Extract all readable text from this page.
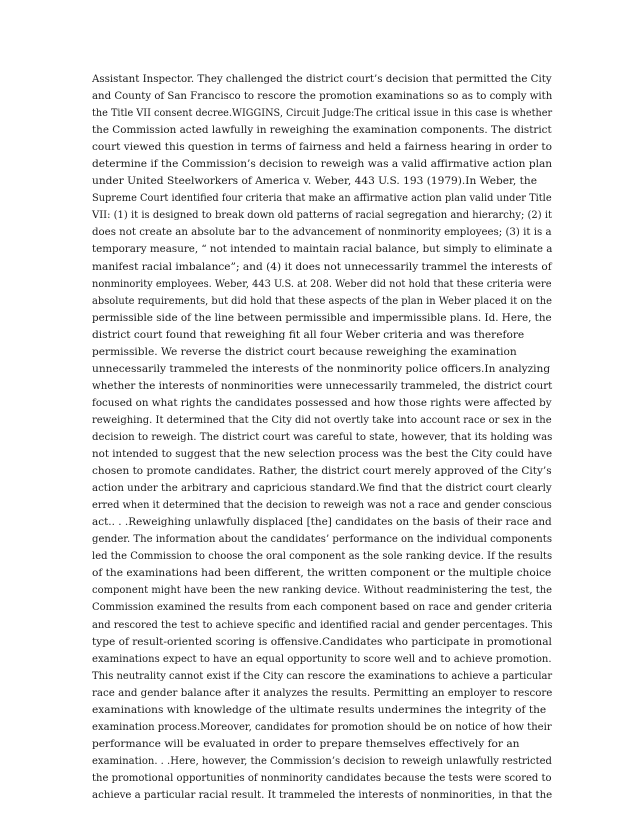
Assistant Inspector. They challenged the district court’s decision that permitted the City
and County of San Francisco to rescore the promotion examinations so as to comply with
the Title VII consent decree.WIGGINS, Circuit Judge:The critical issue in this case is whether
the Commission acted lawfully in reweighing the examination components. The district
court viewed this question in terms of fairness and held a fairness hearing in order to
determine if the Commission’s decision to reweigh was a valid affirmative action plan
under United Steelworkers of America v. Weber, 443 U.S. 193 (1979).In Weber, the
Supreme Court identified four criteria that make an affirmative action plan valid under Title
VII: (1) it is designed to break down old patterns of racial segregation and hierarchy; (2) it
does not create an absolute bar to the advancement of nonminority employees; (3) it is a
temporary measure, “ not intended to maintain racial balance, but simply to eliminate a
manifest racial imbalance”; and (4) it does not unnecessarily trammel the interests of
nonminority employees. Weber, 443 U.S. at 208. Weber did not hold that these criteria were
absolute requirements, but did hold that these aspects of the plan in Weber placed it on the
permissible side of the line between permissible and impermissible plans. Id. Here, the
district court found that reweighing fit all four Weber criteria and was therefore
permissible. We reverse the district court because reweighing the examination
unnecessarily trammeled the interests of the nonminority police officers.In analyzing
whether the interests of nonminorities were unnecessarily trammeled, the district court
focused on what rights the candidates possessed and how those rights were affected by
reweighing. It determined that the City did not overtly take into account race or sex in the
decision to reweigh. The district court was careful to state, however, that its holding was
not intended to suggest that the new selection process was the best the City could have
chosen to promote candidates. Rather, the district court merely approved of the City’s
action under the arbitrary and capricious standard.We find that the district court clearly
erred when it determined that the decision to reweigh was not a race and gender conscious
act.. . .Reweighing unlawfully displaced [the] candidates on the basis of their race and
gender. The information about the candidates’ performance on the individual components
led the Commission to choose the oral component as the sole ranking device. If the results
of the examinations had been different, the written component or the multiple choice
component might have been the new ranking device. Without readministering the test, the
Commission examined the results from each component based on race and gender criteria
and rescored the test to achieve specific and identified racial and gender percentages. This
type of result-oriented scoring is offensive.Candidates who participate in promotional
examinations expect to have an equal opportunity to score well and to achieve promotion.
This neutrality cannot exist if the City can rescore the examinations to achieve a particular
race and gender balance after it analyzes the results. Permitting an employer to rescore
examinations with knowledge of the ultimate results undermines the integrity of the
examination process.Moreover, candidates for promotion should be on notice of how their
performance will be evaluated in order to prepare themselves effectively for an
examination. . .Here, however, the Commission’s decision to reweigh unlawfully restricted
the promotional opportunities of nonminority candidates because the tests were scored to
achieve a particular racial result. It trammeled the interests of nonminorities, in that the
